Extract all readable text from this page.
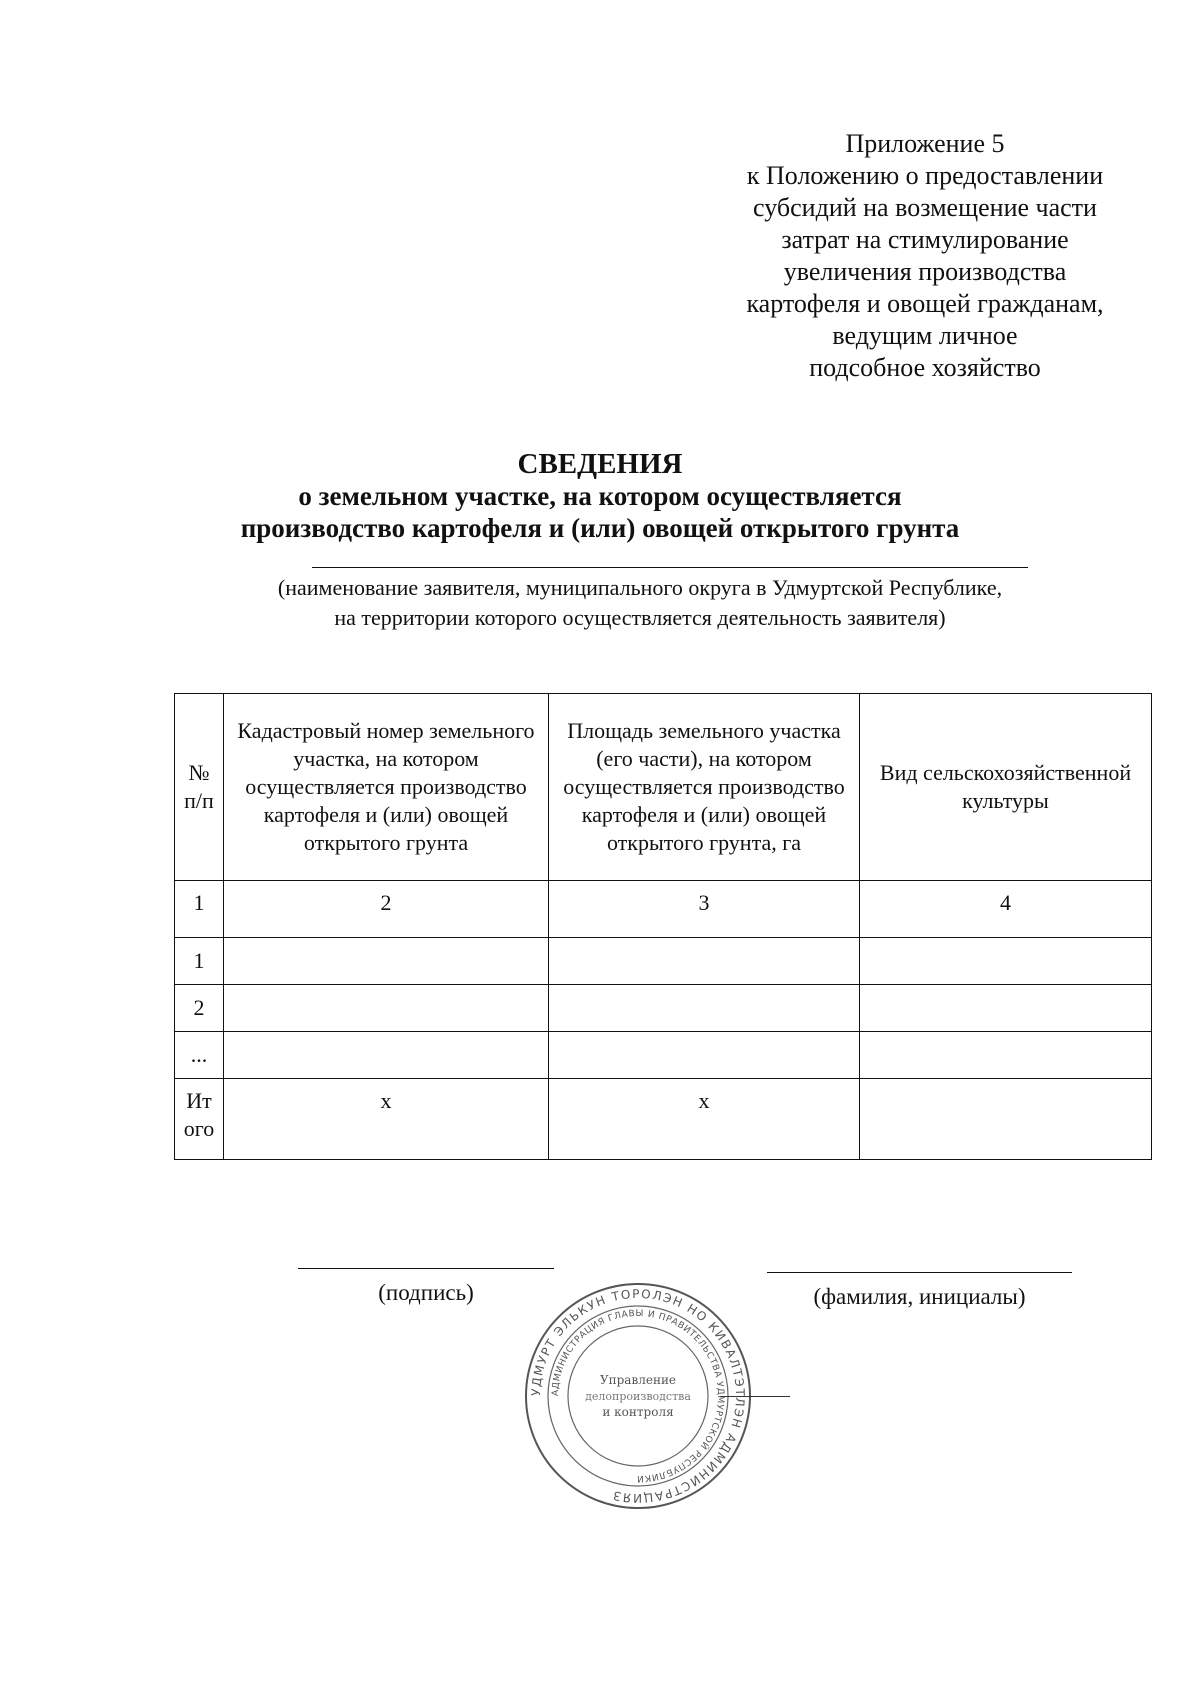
Приложение 5
к Положению о предоставлении
субсидий на возмещение части
затрат на стимулирование
увеличения производства
картофеля и овощей гражданам,
ведущим личное
подсобное хозяйство
СВЕДЕНИЯ
о земельном участке, на котором осуществляется
производство картофеля и (или) овощей открытого грунта
(наименование заявителя, муниципального округа в Удмуртской Республике,
на территории которого осуществляется деятельность заявителя)
№ п/п	Кадастровый номер земельного участка, на котором осуществляется производство картофеля и (или) овощей открытого грунта	Площадь земельного участка (его части), на котором осуществляется производство картофеля и (или) овощей открытого грунта, га	Вид сельскохозяйственной культуры
1	2	3	4
1			
2			
...			
Ит ого	x	x	
(подпись)	(фамилия, инициалы)
УДМУРТ ЭЛЬКУН ТОРОЛЭН НО КИВАЛТЭТЛЭН АДМИНИСТРАЦИЯЗ
АДМИНИСТРАЦИЯ ГЛАВЫ И ПРАВИТЕЛЬСТВА УДМУРТСКОЙ РЕСПУБЛИКИ
Управление
делопроизводства
и контроля
